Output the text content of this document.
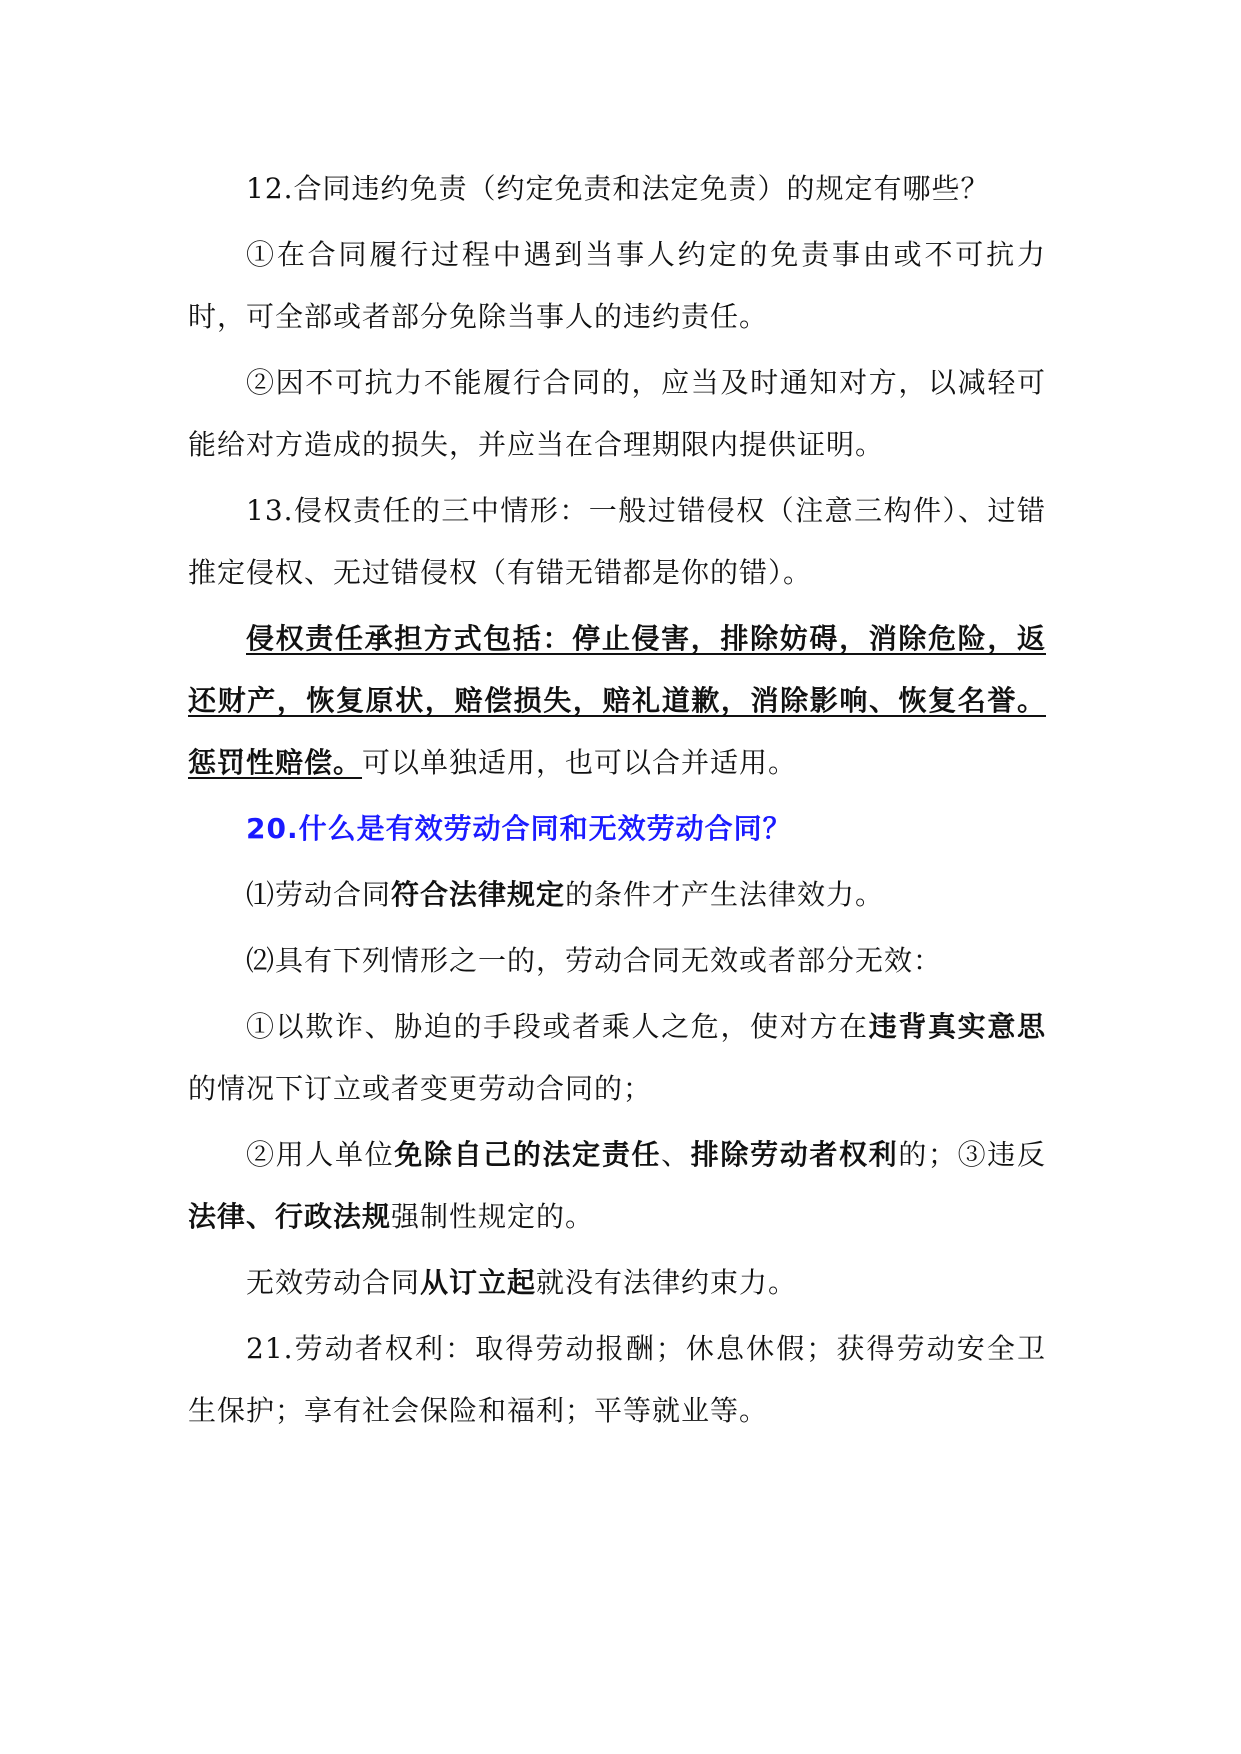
12.合同违约免责（约定免责和法定免责）的规定有哪些？

①在合同履行过程中遇到当事人约定的免责事由或不可抗力时，可全部或者部分免除当事人的违约责任。

②因不可抗力不能履行合同的，应当及时通知对方，以减轻可能给对方造成的损失，并应当在合理期限内提供证明。

13.侵权责任的三中情形：一般过错侵权（注意三构件）、过错推定侵权、无过错侵权（有错无错都是你的错）。

侵权责任承担方式包括：停止侵害，排除妨碍，消除危险，返还财产，恢复原状，赔偿损失，赔礼道歉，消除影响、恢复名誉。惩罚性赔偿。可以单独适用，也可以合并适用。

20.什么是有效劳动合同和无效劳动合同？

⑴劳动合同符合法律规定的条件才产生法律效力。

⑵具有下列情形之一的，劳动合同无效或者部分无效：

①以欺诈、胁迫的手段或者乘人之危，使对方在违背真实意思的情况下订立或者变更劳动合同的；

②用人单位免除自己的法定责任、排除劳动者权利的；③违反法律、行政法规强制性规定的。

无效劳动合同从订立起就没有法律约束力。

21.劳动者权利：取得劳动报酬；休息休假；获得劳动安全卫生保护；享有社会保险和福利；平等就业等。
